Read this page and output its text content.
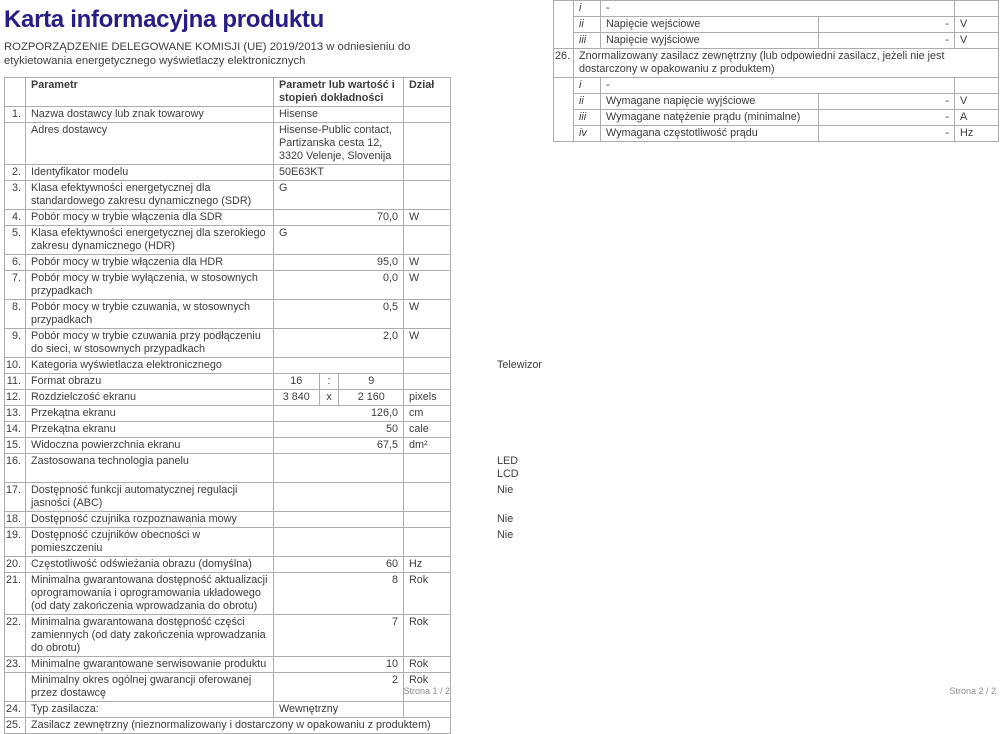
Karta informacyjna produktu
ROZPORZĄDZENIE DELEGOWANE KOMISJI (UE) 2019/2013 w odniesieniu do etykietowania energetycznego wyświetlaczy elektronicznych
	Parametr	Parametr lub wartość i stopień dokładności	Dział
1.	Nazwa dostawcy lub znak towarowy	Hisense	
	Adres dostawcy	Hisense-Public contact, Partizanska cesta 12, 3320 Velenje, Slovenija	
2.	Identyfikator modelu	50E63KT	
3.	Klasa efektywności energetycznej dla standardowego zakresu dynamicznego (SDR)	G	
4.	Pobór mocy w trybie włączenia dla SDR	70,0	W
5.	Klasa efektywności energetycznej dla szerokiego zakresu dynamicznego (HDR)	G	
6.	Pobór mocy w trybie włączenia dla HDR	95,0	W
7.	Pobór mocy w trybie wyłączenia, w stosownych przypadkach	0,0	W
8.	Pobór mocy w trybie czuwania, w stosownych przypadkach	0,5	W
9.	Pobór mocy w trybie czuwania przy podłączeniu do sieci, w stosownych przypadkach	2,0	W
10.	Kategoria wyświetlacza elektronicznego	Telewizor	
11.	Format obrazu	16 : 9	

12.	Rozdzielczość ekranu	3 840 x 2 160	pixels
13.	Przekątna ekranu	126,0	cm
14.	Przekątna ekranu	50	cale
15.	Widoczna powierzchnia ekranu	67,5	dm²
16.	Zastosowana technologia panelu	LED LCD	
17.	Dostępność funkcji automatycznej regulacji jasności (ABC)	Nie	
18.	Dostępność czujnika rozpoznawania mowy	Nie	
19.	Dostępność czujników obecności w pomieszczeniu	Nie	
20.	Częstotliwość odświeżania obrazu (domyślna)	60	Hz
21.	Minimalna gwarantowana dostępność aktualizacji oprogramowania i oprogramowania układowego (od daty zakończenia wprowadzania do obrotu)	8	Rok
22.	Minimalna gwarantowana dostępność części zamiennych (od daty zakończenia wprowadzania do obrotu)	7	Rok
23.	Minimalne gwarantowane serwisowanie produktu	10	Rok
	Minimalny okres ogólnej gwarancji oferowanej przez dostawcę	2	Rok
24.	Typ zasilacza:	Wewnętrzny	
25.	Zasilacz zewnętrzny (nieznormalizowany i dostarczony w opakowaniu z produktem)		
	i	-		
	ii	Napięcie wejściowe	-	V
	iii	Napięcie wyjściowe	-	V
26.	Znormalizowany zasilacz zewnętrzny (lub odpowiedni zasilacz, jeżeli nie jest dostarczony w opakowaniu z produktem)			
	i	-		
	ii	Wymagane napięcie wyjściowe	-	V
	iii	Wymagane natężenie prądu (minimalne)	-	A
	iv	Wymagana częstotliwość prądu	-	Hz
Strona 1 / 2	Strona 2 / 2
